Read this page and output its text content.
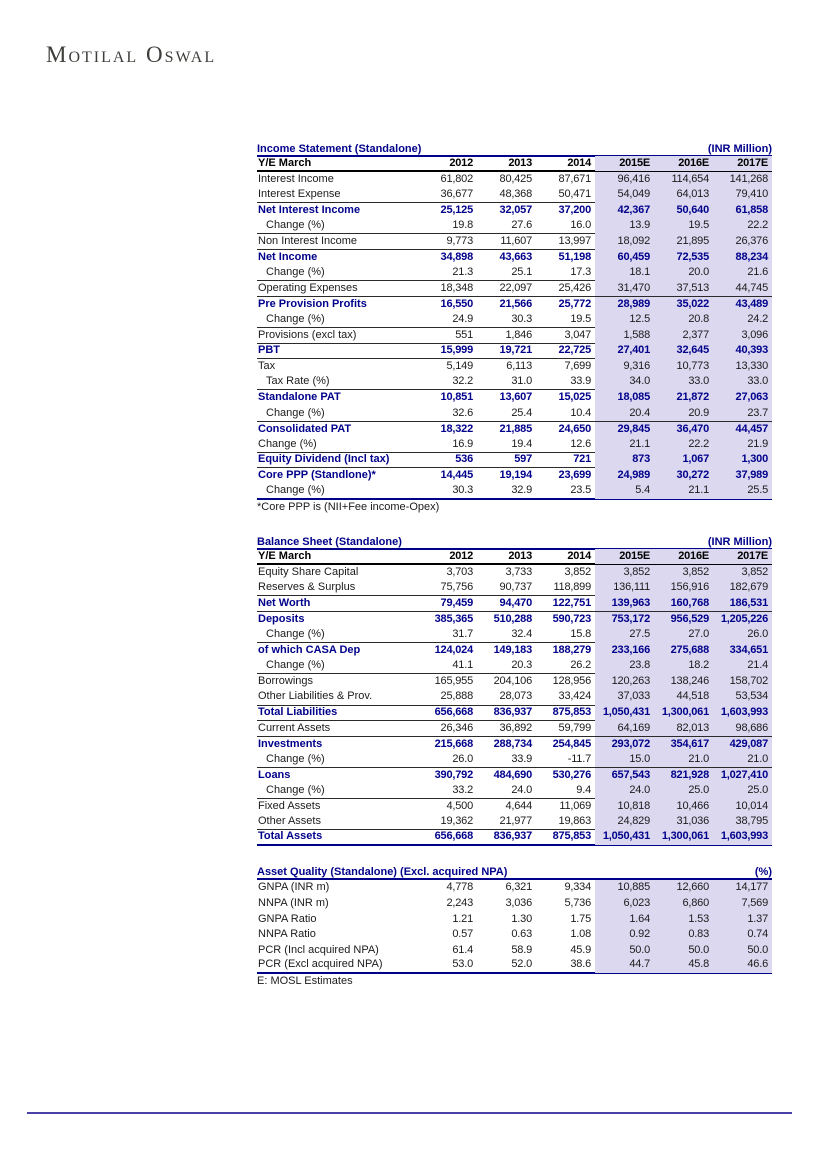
Motilal Oswal
Income Statement (Standalone)	(INR Million)
Y/E March	2012	2013	2014	2015E	2016E	2017E
Interest Income	61,802	80,425	87,671	96,416	114,654	141,268
Interest Expense	36,677	48,368	50,471	54,049	64,013	79,410
Net Interest Income	25,125	32,057	37,200	42,367	50,640	61,858
Change (%)	19.8	27.6	16.0	13.9	19.5	22.2
Non Interest Income	9,773	11,607	13,997	18,092	21,895	26,376
Net Income	34,898	43,663	51,198	60,459	72,535	88,234
Change (%)	21.3	25.1	17.3	18.1	20.0	21.6
Operating Expenses	18,348	22,097	25,426	31,470	37,513	44,745
Pre Provision Profits	16,550	21,566	25,772	28,989	35,022	43,489
Change (%)	24.9	30.3	19.5	12.5	20.8	24.2
Provisions (excl tax)	551	1,846	3,047	1,588	2,377	3,096
PBT	15,999	19,721	22,725	27,401	32,645	40,393
Tax	5,149	6,113	7,699	9,316	10,773	13,330
Tax Rate (%)	32.2	31.0	33.9	34.0	33.0	33.0
Standalone PAT	10,851	13,607	15,025	18,085	21,872	27,063
Change (%)	32.6	25.4	10.4	20.4	20.9	23.7
Consolidated PAT	18,322	21,885	24,650	29,845	36,470	44,457
Change (%)	16.9	19.4	12.6	21.1	22.2	21.9
Equity Dividend (Incl tax)	536	597	721	873	1,067	1,300
Core PPP (Standlone)*	14,445	19,194	23,699	24,989	30,272	37,989
Change (%)	30.3	32.9	23.5	5.4	21.1	25.5
*Core PPP is (NII+Fee income-Opex)
Balance Sheet (Standalone)	(INR Million)
Y/E March	2012	2013	2014	2015E	2016E	2017E
Equity Share Capital	3,703	3,733	3,852	3,852	3,852	3,852
Reserves & Surplus	75,756	90,737	118,899	136,111	156,916	182,679
Net Worth	79,459	94,470	122,751	139,963	160,768	186,531
Deposits	385,365	510,288	590,723	753,172	956,529	1,205,226
Change (%)	31.7	32.4	15.8	27.5	27.0	26.0
of which CASA Dep	124,024	149,183	188,279	233,166	275,688	334,651
Change (%)	41.1	20.3	26.2	23.8	18.2	21.4
Borrowings	165,955	204,106	128,956	120,263	138,246	158,702
Other Liabilities & Prov.	25,888	28,073	33,424	37,033	44,518	53,534
Total Liabilities	656,668	836,937	875,853	1,050,431	1,300,061	1,603,993
Current Assets	26,346	36,892	59,799	64,169	82,013	98,686
Investments	215,668	288,734	254,845	293,072	354,617	429,087
Change (%)	26.0	33.9	-11.7	15.0	21.0	21.0
Loans	390,792	484,690	530,276	657,543	821,928	1,027,410
Change (%)	33.2	24.0	9.4	24.0	25.0	25.0
Fixed Assets	4,500	4,644	11,069	10,818	10,466	10,014
Other Assets	19,362	21,977	19,863	24,829	31,036	38,795
Total Assets	656,668	836,937	875,853	1,050,431	1,300,061	1,603,993
Asset Quality (Standalone) (Excl. acquired NPA)	(%)
GNPA (INR m)	4,778	6,321	9,334	10,885	12,660	14,177
NNPA (INR m)	2,243	3,036	5,736	6,023	6,860	7,569
GNPA Ratio	1.21	1.30	1.75	1.64	1.53	1.37
NNPA Ratio	0.57	0.63	1.08	0.92	0.83	0.74
PCR (Incl acquired NPA)	61.4	58.9	45.9	50.0	50.0	50.0
PCR (Excl acquired NPA)	53.0	52.0	38.6	44.7	45.8	46.6
E: MOSL Estimates
